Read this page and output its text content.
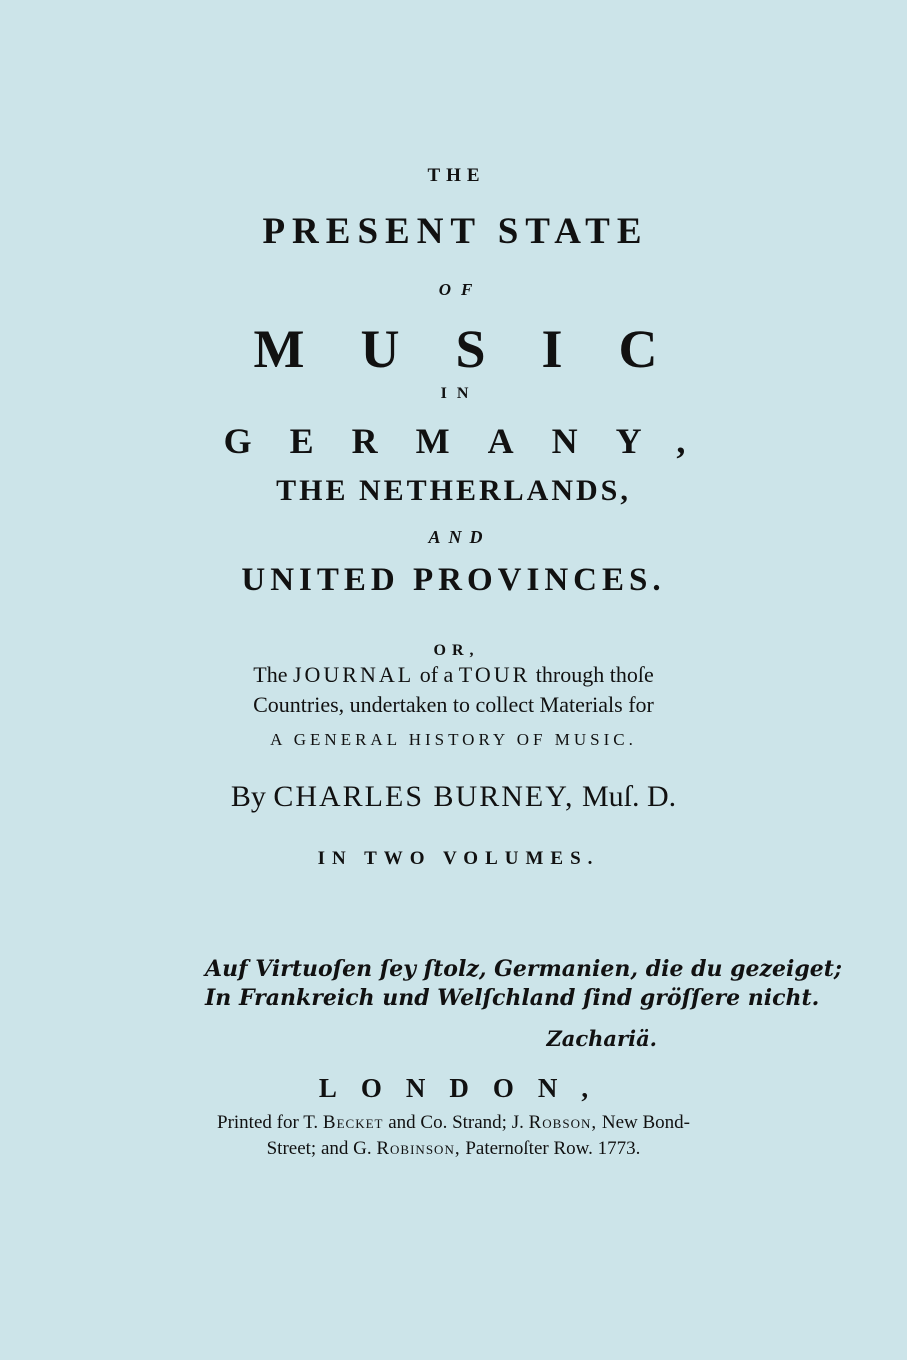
THE
PRESENT STATE
OF
MUSIC
IN
GERMANY,
THE NETHERLANDS,
AND
UNITED PROVINCES.
OR,
The JOURNAL of a TOUR through thoſe
Countries, undertaken to collect Materials for
A GENERAL HISTORY OF MUSIC.
By CHARLES BURNEY, Muſ. D.
IN TWO VOLUMES.
Auf Virtuoſen ſey ſtolz, Germanien, die du gezeiget;
In Frankreich und Welſchland ſind gröſſere nicht.
Zachariä.
LONDON,
Printed for T. Becket and Co. Strand; J. Robson, New Bond-
Street; and G. Robinson, Paternoſter Row. 1773.
